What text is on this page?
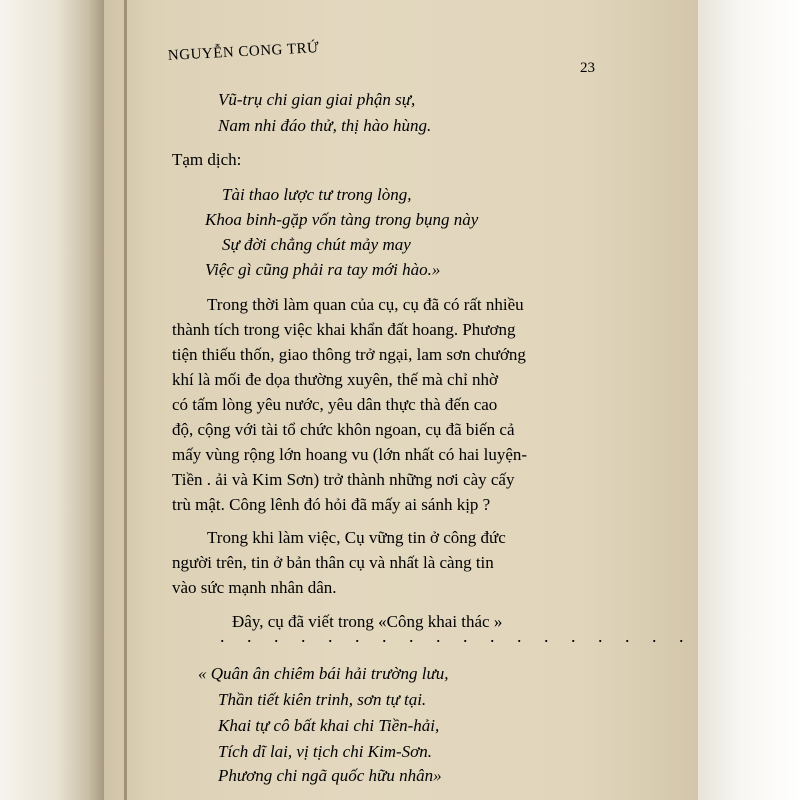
NGUYỄN CONG TRỨ
23
Vũ-trụ chi gian giai phận sự,
Nam nhi đáo thử, thị hào hùng.
Tạm dịch:
Tài thao lược tư trong lòng,
Khoa binh-gặp vốn tàng trong bụng này
Sự đời chẳng chút mảy may
Việc gì cũng phải ra tay mới hào.»
Trong thời làm quan của cụ, cụ đã có rất nhiều
thành tích trong việc khai khẩn đất hoang. Phương
tiện thiếu thốn, giao thông trở ngại, lam sơn chướng
khí là mối đe dọa thường xuyên, thế mà chỉ nhờ
có tấm lòng yêu nước, yêu dân thực thà đến cao
độ, cộng với tài tổ chức khôn ngoan, cụ đã biến cả
mấy vùng rộng lớn hoang vu (lớn nhất có hai luyện-
Tiền . ải và Kim Sơn) trở thành những nơi cày cấy
trù mật. Công lênh đó hỏi đã mấy ai sánh kịp ?
Trong khi làm việc, Cụ vững tin ở công đức
người trên, tin ở bản thân cụ và nhất là càng tin
vào sức mạnh nhân dân.
Đây, cụ đã viết trong «Công khai thác »
. . . . . . . . . . . . . . . . . .
« Quân ân chiêm bái hải trường lưu,
Thần tiết kiên trinh, sơn tự tại.
Khai tự cô bất khai chi Tiền-hải,
Tích dĩ lai, vị tịch chi Kim-Sơn.
Phương chi ngã quốc hữu nhân»
